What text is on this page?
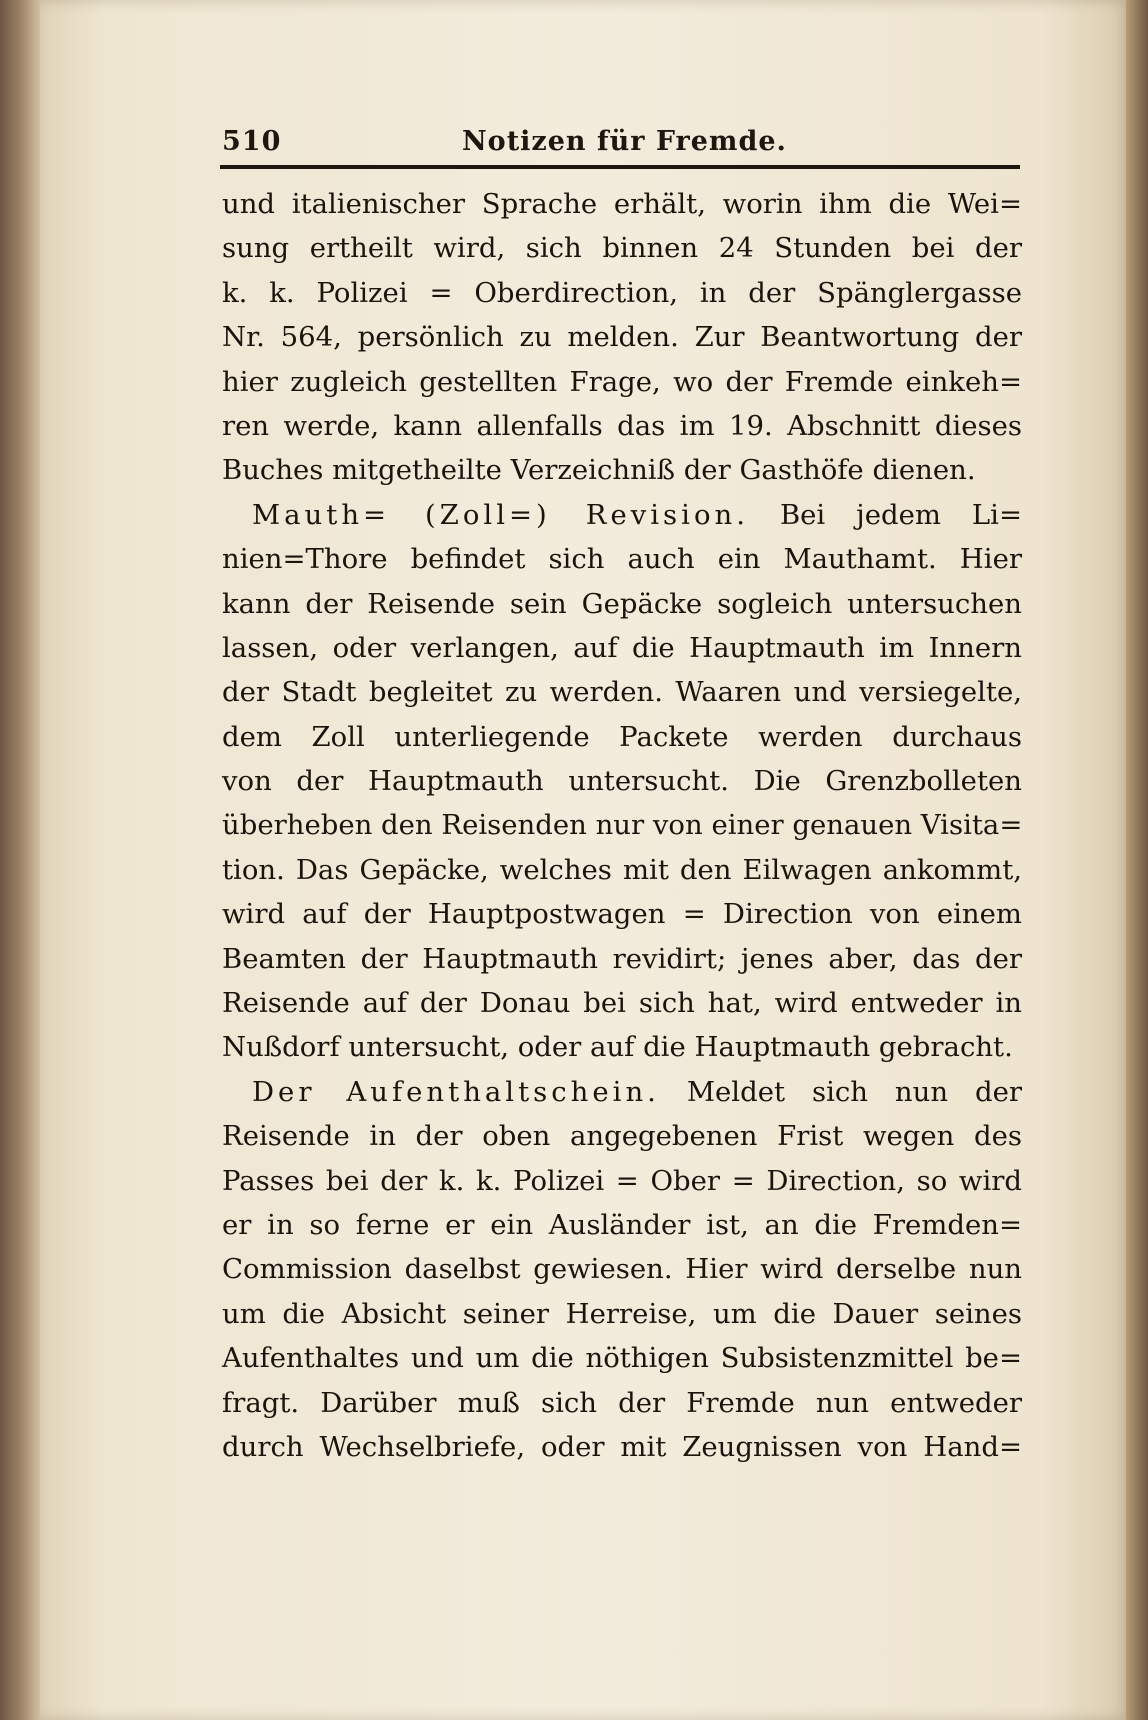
510	Notizen für Fremde.
und italienischer Sprache erhält, worin ihm die Wei=
sung ertheilt wird, sich binnen 24 Stunden bei der
k. k. Polizei = Oberdirection, in der Spänglergasse
Nr. 564, persönlich zu melden. Zur Beantwortung der
hier zugleich gestellten Frage, wo der Fremde einkeh=
ren werde, kann allenfalls das im 19. Abschnitt dieses
Buches mitgetheilte Verzeichniß der Gasthöfe dienen.
Mauth= (Zoll=) Revision. Bei jedem Li=
nien=Thore befindet sich auch ein Mauthamt. Hier
kann der Reisende sein Gepäcke sogleich untersuchen
lassen, oder verlangen, auf die Hauptmauth im Innern
der Stadt begleitet zu werden. Waaren und versiegelte,
dem Zoll unterliegende Packete werden durchaus
von der Hauptmauth untersucht. Die Grenzbolleten
überheben den Reisenden nur von einer genauen Visita=
tion. Das Gepäcke, welches mit den Eilwagen ankommt,
wird auf der Hauptpostwagen = Direction von einem
Beamten der Hauptmauth revidirt; jenes aber, das der
Reisende auf der Donau bei sich hat, wird entweder in
Nußdorf untersucht, oder auf die Hauptmauth gebracht.
Der Aufenthaltschein. Meldet sich nun der
Reisende in der oben angegebenen Frist wegen des
Passes bei der k. k. Polizei = Ober = Direction, so wird
er in so ferne er ein Ausländer ist, an die Fremden=
Commission daselbst gewiesen. Hier wird derselbe nun
um die Absicht seiner Herreise, um die Dauer seines
Aufenthaltes und um die nöthigen Subsistenzmittel be=
fragt. Darüber muß sich der Fremde nun entweder
durch Wechselbriefe, oder mit Zeugnissen von Hand=
